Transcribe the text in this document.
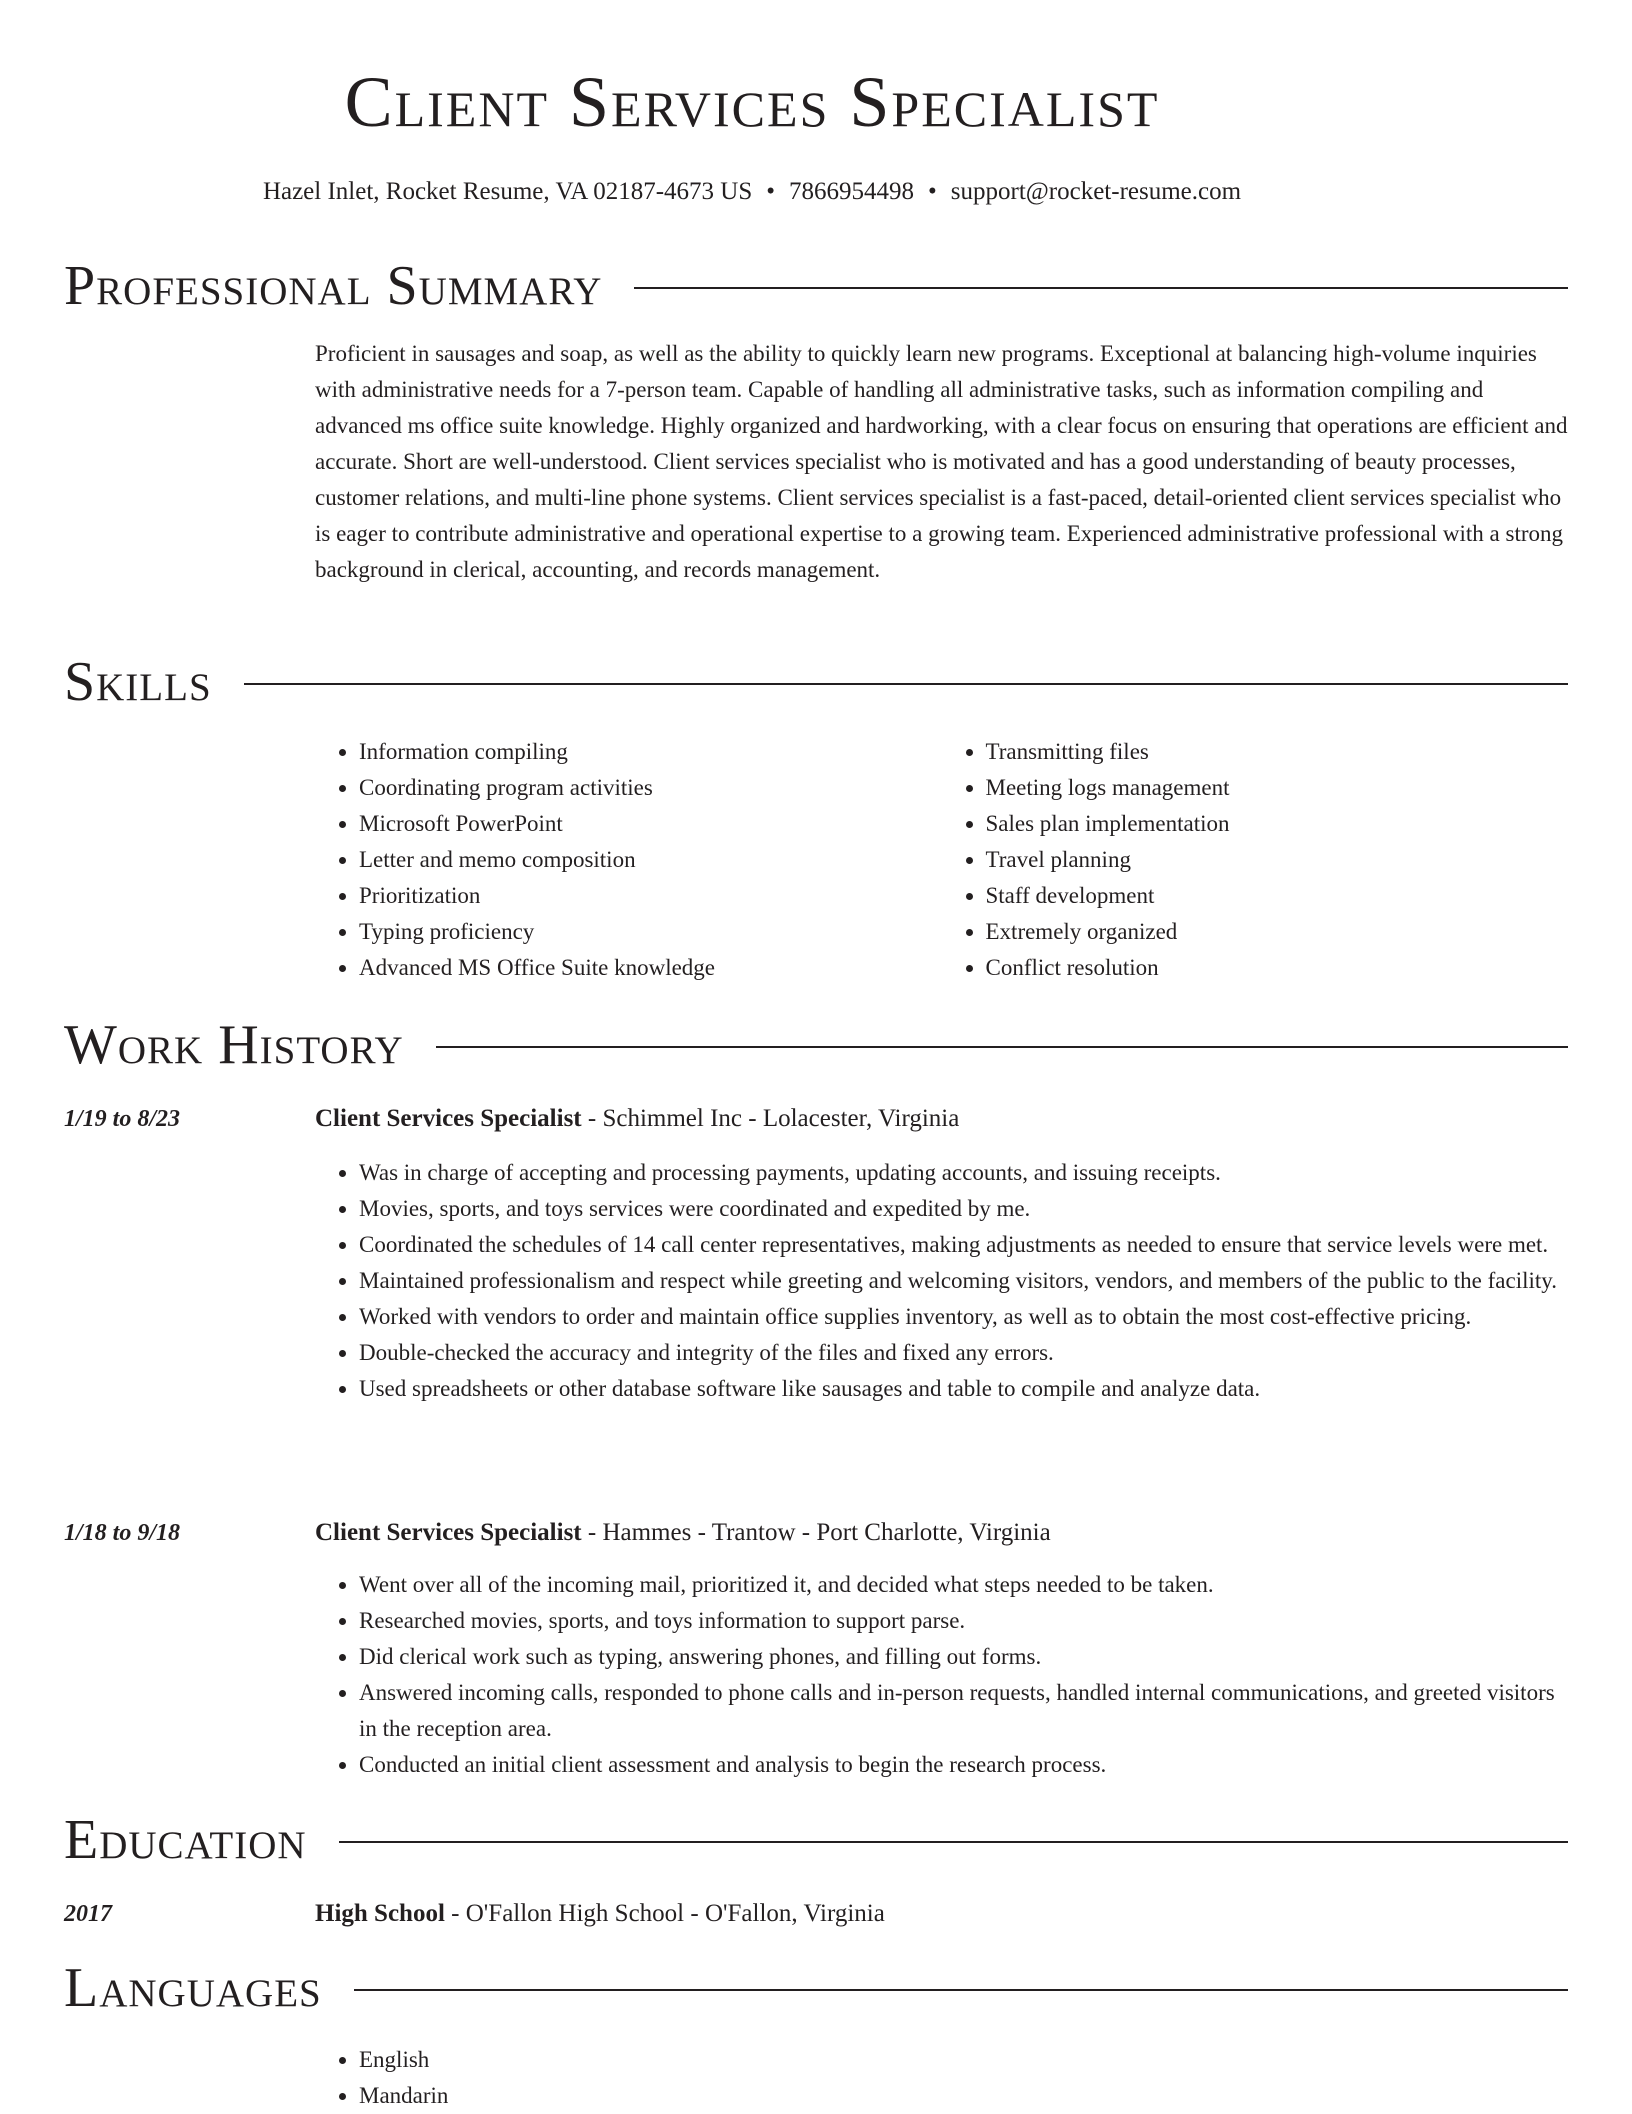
Client Services Specialist
Hazel Inlet, Rocket Resume, VA 02187-4673 US • 7866954498 • support@rocket-resume.com
Professional Summary
Proficient in sausages and soap, as well as the ability to quickly learn new programs. Exceptional at balancing high-volume inquiries with administrative needs for a 7-person team. Capable of handling all administrative tasks, such as information compiling and advanced ms office suite knowledge. Highly organized and hardworking, with a clear focus on ensuring that operations are efficient and accurate. Short are well-understood. Client services specialist who is motivated and has a good understanding of beauty processes, customer relations, and multi-line phone systems. Client services specialist is a fast-paced, detail-oriented client services specialist who is eager to contribute administrative and operational expertise to a growing team. Experienced administrative professional with a strong background in clerical, accounting, and records management.
Skills
• Information compiling
• Coordinating program activities
• Microsoft PowerPoint
• Letter and memo composition
• Prioritization
• Typing proficiency
• Advanced MS Office Suite knowledge
• Transmitting files
• Meeting logs management
• Sales plan implementation
• Travel planning
• Staff development
• Extremely organized
• Conflict resolution
Work History
1/19 to 8/23	Client Services Specialist - Schimmel Inc - Lolacester, Virginia
• Was in charge of accepting and processing payments, updating accounts, and issuing receipts.
• Movies, sports, and toys services were coordinated and expedited by me.
• Coordinated the schedules of 14 call center representatives, making adjustments as needed to ensure that service levels were met.
• Maintained professionalism and respect while greeting and welcoming visitors, vendors, and members of the public to the facility.
• Worked with vendors to order and maintain office supplies inventory, as well as to obtain the most cost-effective pricing.
• Double-checked the accuracy and integrity of the files and fixed any errors.
• Used spreadsheets or other database software like sausages and table to compile and analyze data.
1/18 to 9/18	Client Services Specialist - Hammes - Trantow - Port Charlotte, Virginia
• Went over all of the incoming mail, prioritized it, and decided what steps needed to be taken.
• Researched movies, sports, and toys information to support parse.
• Did clerical work such as typing, answering phones, and filling out forms.
• Answered incoming calls, responded to phone calls and in-person requests, handled internal communications, and greeted visitors in the reception area.
• Conducted an initial client assessment and analysis to begin the research process.
Education
2017	High School - O'Fallon High School - O'Fallon, Virginia
Languages
• English
• Mandarin
